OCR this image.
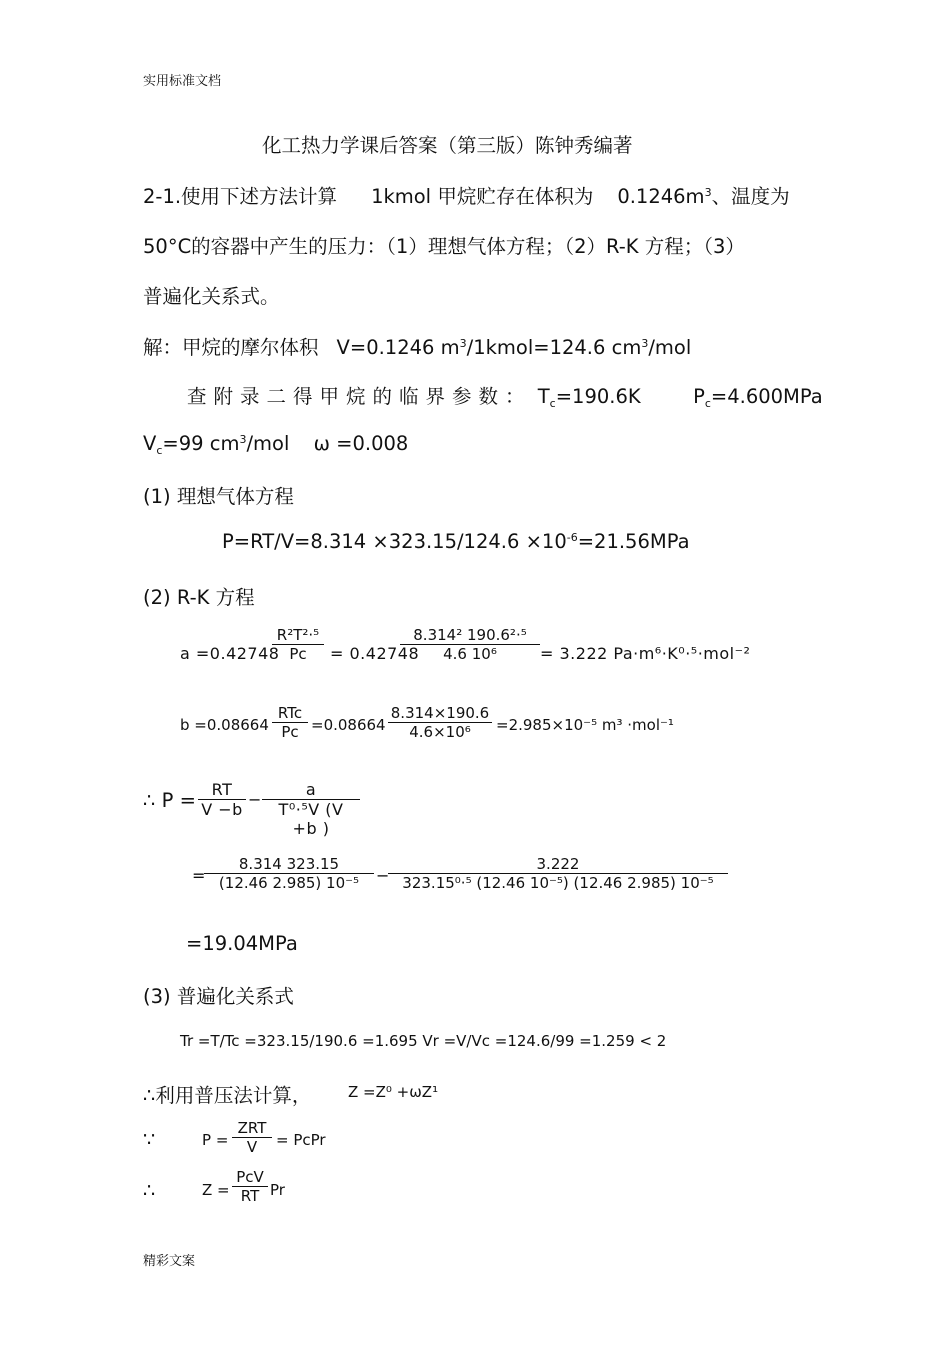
实用标准文档
精彩文案
化工热力学课后答案（第三版）陈钟秀编著
2-1.使用下述方法计算 1kmol 甲烷贮存在体积为 $0.1246m^3$、温度为
50°C的容器中产生的压力：（1）理想气体方程；（2）R-K 方程；（3）
普遍化关系式。
解：甲烷的摩尔体积 V=0.1246 $m^3/1kmol=124.6$ $cm^3$/mol
查附录二得甲烷的临界参数： $T_c=190.6K$	$P_c=4.600MPa$
$V_c=99$ $cm^3$/mol ω =0.008
(1) 理想气体方程
$P=RT/V=8.314 \times 323.15/124.6 \times 10^{-6}=21.56MPa$
(2) R-K 方程
a =0.42748
R²T²·⁵
Pc	= 0.42748
8.314² 190.6²·⁵
4.6 10⁶	= 3.222 Pa·m⁶·K⁰·⁵·mol⁻²
b =0.08664
RTc
Pc =0.08664
8.314×190.6
4.6×10⁶	=2.985×10⁻⁵ m³ ·mol⁻¹
∴ P = RT
V −b
−
a
T⁰·⁵V (V +b )
=
8.314 323.15
(12.46 2.985) 10⁻⁵	−
3.222
323.15⁰·⁵ (12.46 10⁻⁵) (12.46 2.985) 10⁻⁵
=19.04MPa
(3) 普遍化关系式
Tr =T/Tc =323.15/190.6 =1.695 Vr =V/Vc =124.6/99 =1.259 < 2
∴利用普压法计算， Z =Z⁰ +ωZ¹
∵	P =
ZRT
V	= PcPr
∴	Z =
PcV
RT Pr
